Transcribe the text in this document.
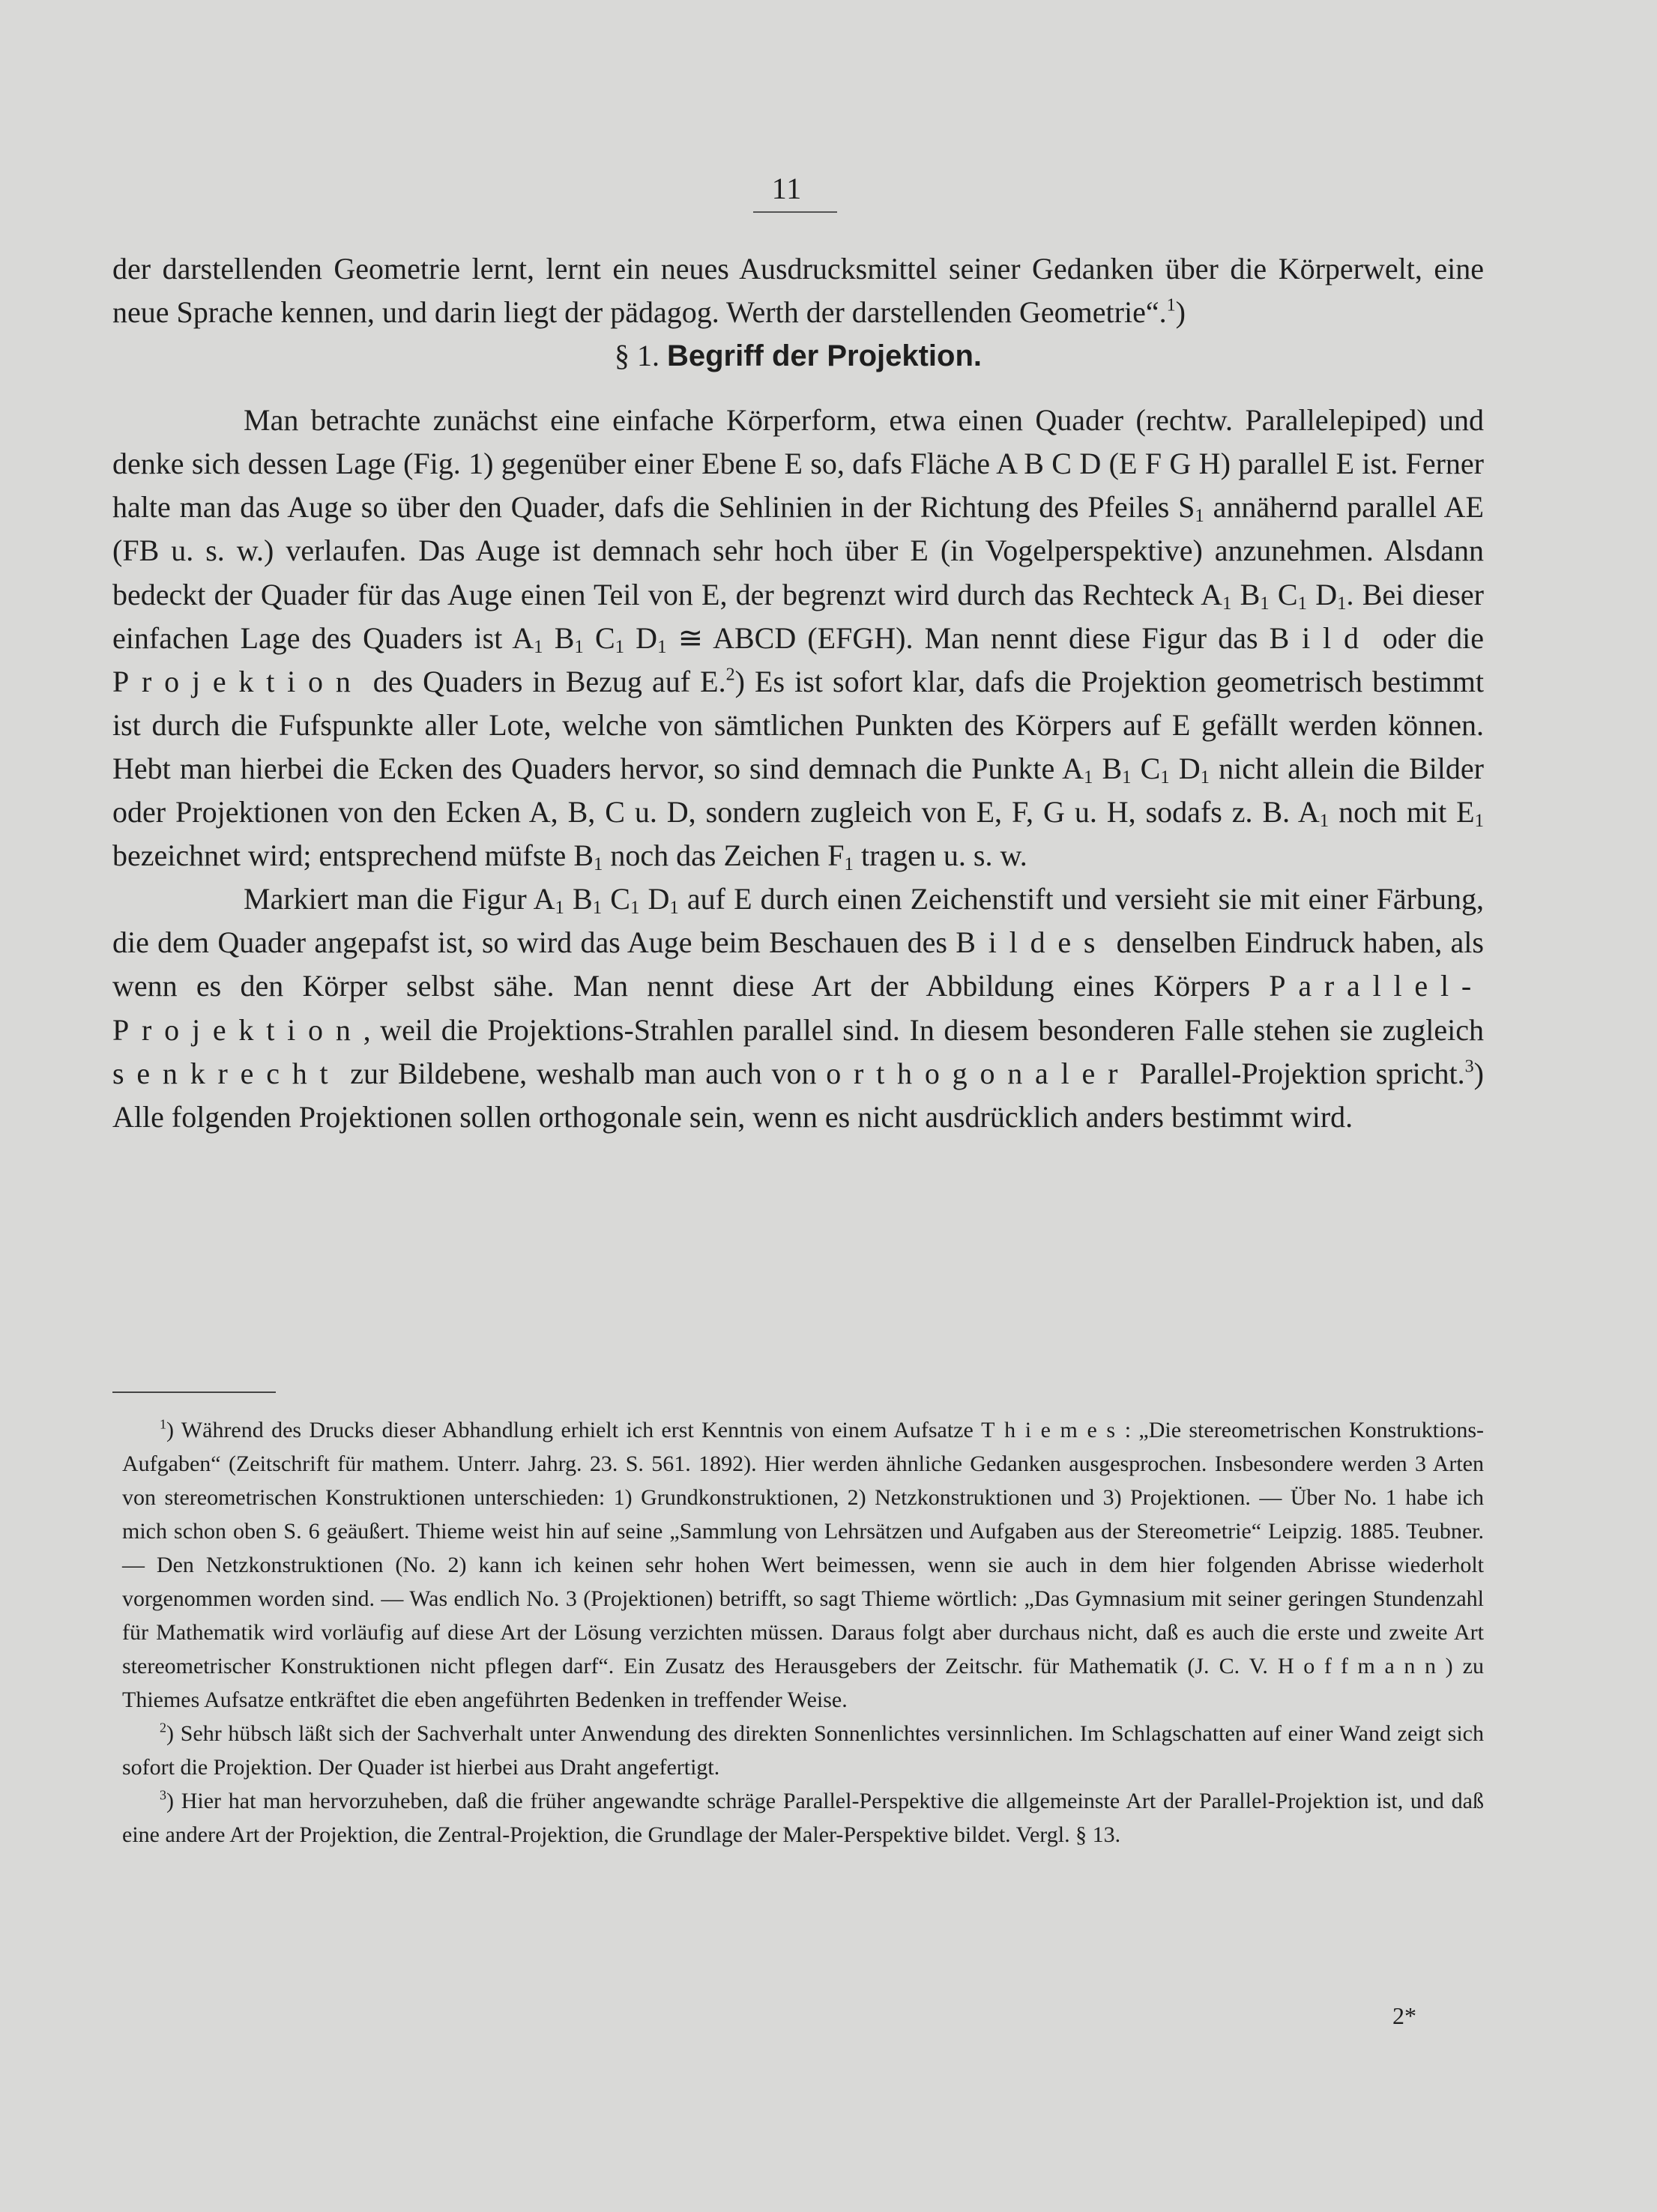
11

der darstellenden Geometrie lernt, lernt ein neues Ausdrucksmittel seiner Gedanken über die Körperwelt, eine neue Sprache kennen, und darin liegt der pädagog. Werth der darstellenden Geometrie“.$^1$)

§ 1. Begriff der Projektion.

Man betrachte zunächst eine einfache Körperform, etwa einen Quader (rechtw. Parallelepiped) und denke sich dessen Lage (Fig. 1) gegenüber einer Ebene E so, dafs Fläche A B C D (E F G H) parallel E ist. Ferner halte man das Auge so über den Quader, dafs die Sehlinien in der Richtung des Pfeiles $S_1$ annähernd parallel AE (FB u. s. w.) verlaufen. Das Auge ist demnach sehr hoch über E (in Vogelperspektive) anzunehmen. Alsdann bedeckt der Quader für das Auge einen Teil von E, der begrenzt wird durch das Rechteck $A_1$ $B_1$ $C_1$ $D_1$. Bei dieser einfachen Lage des Quaders ist $A_1$ $B_1$ $C_1$ $D_1$ ≅ ABCD (EFGH). Man nennt diese Figur das Bild oder die Projektion des Quaders in Bezug auf E.$^2$) Es ist sofort klar, dafs die Projektion geometrisch bestimmt ist durch die Fufspunkte aller Lote, welche von sämtlichen Punkten des Körpers auf E gefällt werden können. Hebt man hierbei die Ecken des Quaders hervor, so sind demnach die Punkte $A_1$ $B_1$ $C_1$ $D_1$ nicht allein die Bilder oder Projektionen von den Ecken A, B, C u. D, sondern zugleich von E, F, G u. H, sodafs z. B. $A_1$ noch mit $E_1$ bezeichnet wird; entsprechend müfste $B_1$ noch das Zeichen $F_1$ tragen u. s. w.

Markiert man die Figur $A_1$ $B_1$ $C_1$ $D_1$ auf E durch einen Zeichenstift und versieht sie mit einer Färbung, die dem Quader angepafst ist, so wird das Auge beim Beschauen des Bildes denselben Eindruck haben, als wenn es den Körper selbst sähe. Man nennt diese Art der Abbildung eines Körpers Parallel-Projektion, weil die Projektions-Strahlen parallel sind. In diesem besonderen Falle stehen sie zugleich senkrecht zur Bildebene, weshalb man auch von orthogonaler Parallel-Projektion spricht.$^3$) Alle folgenden Projektionen sollen orthogonale sein, wenn es nicht ausdrücklich anders bestimmt wird.

$^1$) Während des Drucks dieser Abhandlung erhielt ich erst Kenntnis von einem Aufsatze Thiemes: „Die stereometrischen Konstruktions-Aufgaben“ (Zeitschrift für mathem. Unterr. Jahrg. 23. S. 561. 1892). Hier werden ähnliche Gedanken ausgesprochen. Insbesondere werden 3 Arten von stereometrischen Konstruktionen unterschieden: 1) Grundkonstruktionen, 2) Netzkonstruktionen und 3) Projektionen. — Über No. 1 habe ich mich schon oben S. 6 geäußert. Thieme weist hin auf seine „Sammlung von Lehrsätzen und Aufgaben aus der Stereometrie“ Leipzig. 1885. Teubner. — Den Netzkonstruktionen (No. 2) kann ich keinen sehr hohen Wert beimessen, wenn sie auch in dem hier folgenden Abrisse wiederholt vorgenommen worden sind. — Was endlich No. 3 (Projektionen) betrifft, so sagt Thieme wörtlich: „Das Gymnasium mit seiner geringen Stundenzahl für Mathematik wird vorläufig auf diese Art der Lösung verzichten müssen. Daraus folgt aber durchaus nicht, daß es auch die erste und zweite Art stereometrischer Konstruktionen nicht pflegen darf“. Ein Zusatz des Herausgebers der Zeitschr. für Mathematik (J. C. V. Hoffmann) zu Thiemes Aufsatze entkräftet die eben angeführten Bedenken in treffender Weise.

$^2$) Sehr hübsch läßt sich der Sachverhalt unter Anwendung des direkten Sonnenlichtes versinnlichen. Im Schlagschatten auf einer Wand zeigt sich sofort die Projektion. Der Quader ist hierbei aus Draht angefertigt.

$^3$) Hier hat man hervorzuheben, daß die früher angewandte schräge Parallel-Perspektive die allgemeinste Art der Parallel-Projektion ist, und daß eine andere Art der Projektion, die Zentral-Projektion, die Grundlage der Maler-Perspektive bildet. Vergl. § 13.

2*
